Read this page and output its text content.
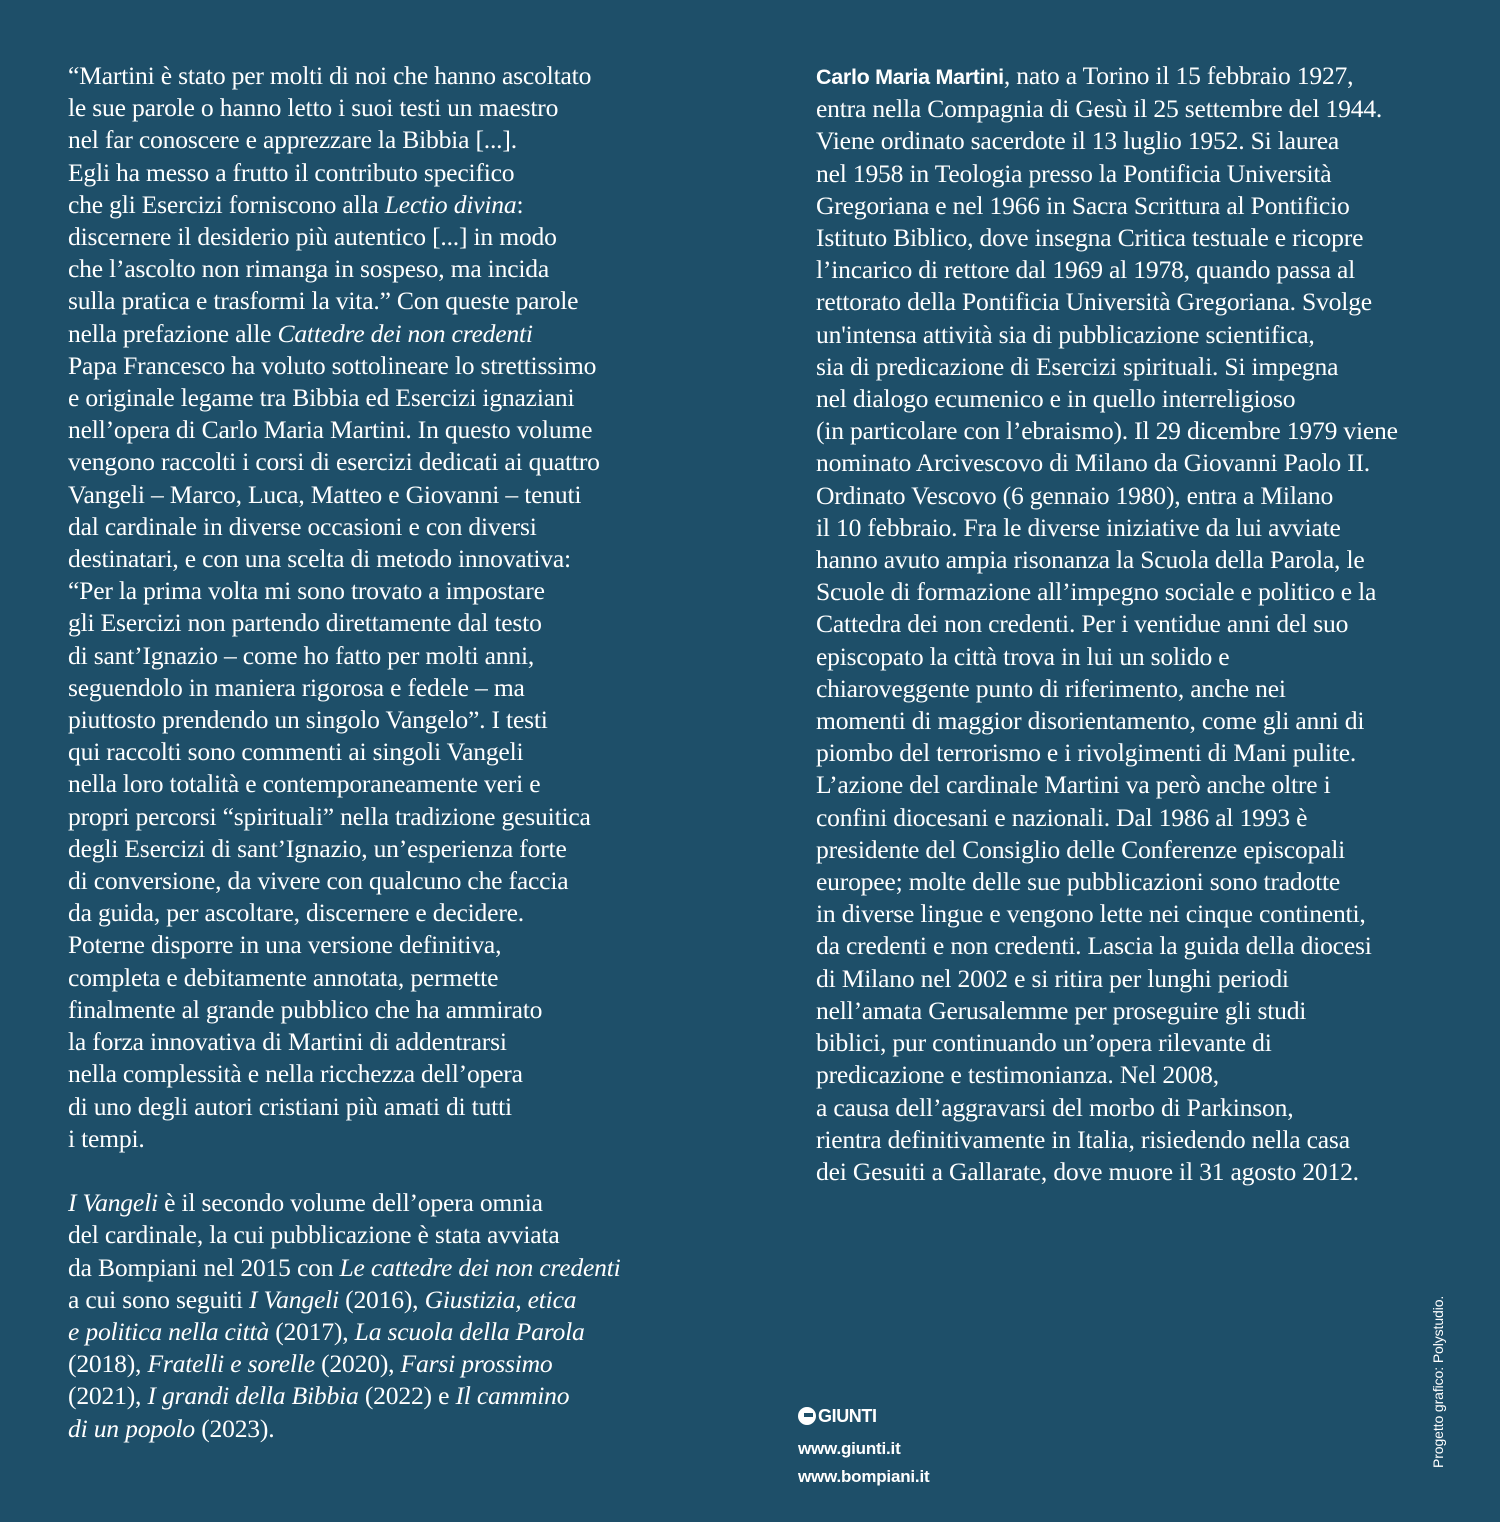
“Martini è stato per molti di noi che hanno ascoltato
le sue parole o hanno letto i suoi testi un maestro
nel far conoscere e apprezzare la Bibbia [...].
Egli ha messo a frutto il contributo specifico
che gli Esercizi forniscono alla Lectio divina:
discernere il desiderio più autentico [...] in modo
che l’ascolto non rimanga in sospeso, ma incida
sulla pratica e trasformi la vita.” Con queste parole
nella prefazione alle Cattedre dei non credenti
Papa Francesco ha voluto sottolineare lo strettissimo
e originale legame tra Bibbia ed Esercizi ignaziani
nell’opera di Carlo Maria Martini. In questo volume
vengono raccolti i corsi di esercizi dedicati ai quattro
Vangeli – Marco, Luca, Matteo e Giovanni – tenuti
dal cardinale in diverse occasioni e con diversi
destinatari, e con una scelta di metodo innovativa:
“Per la prima volta mi sono trovato a impostare
gli Esercizi non partendo direttamente dal testo
di sant’Ignazio – come ho fatto per molti anni,
seguendolo in maniera rigorosa e fedele – ma
piuttosto prendendo un singolo Vangelo”. I testi
qui raccolti sono commenti ai singoli Vangeli
nella loro totalità e contemporaneamente veri e
propri percorsi “spirituali” nella tradizione gesuitica
degli Esercizi di sant’Ignazio, un’esperienza forte
di conversione, da vivere con qualcuno che faccia
da guida, per ascoltare, discernere e decidere.
Poterne disporre in una versione definitiva,
completa e debitamente annotata, permette
finalmente al grande pubblico che ha ammirato
la forza innovativa di Martini di addentrarsi
nella complessità e nella ricchezza dell’opera
di uno degli autori cristiani più amati di tutti
i tempi.

I Vangeli è il secondo volume dell’opera omnia
del cardinale, la cui pubblicazione è stata avviata
da Bompiani nel 2015 con Le cattedre dei non credenti
a cui sono seguiti I Vangeli (2016), Giustizia, etica
e politica nella città (2017), La scuola della Parola
(2018), Fratelli e sorelle (2020), Farsi prossimo
(2021), I grandi della Bibbia (2022) e Il cammino
di un popolo (2023).

Carlo Maria Martini, nato a Torino il 15 febbraio 1927,
entra nella Compagnia di Gesù il 25 settembre del 1944.
Viene ordinato sacerdote il 13 luglio 1952. Si laurea
nel 1958 in Teologia presso la Pontificia Università
Gregoriana e nel 1966 in Sacra Scrittura al Pontificio
Istituto Biblico, dove insegna Critica testuale e ricopre
l’incarico di rettore dal 1969 al 1978, quando passa al
rettorato della Pontificia Università Gregoriana. Svolge
un'intensa attività sia di pubblicazione scientifica,
sia di predicazione di Esercizi spirituali. Si impegna
nel dialogo ecumenico e in quello interreligioso
(in particolare con l’ebraismo). Il 29 dicembre 1979 viene
nominato Arcivescovo di Milano da Giovanni Paolo II.
Ordinato Vescovo (6 gennaio 1980), entra a Milano
il 10 febbraio. Fra le diverse iniziative da lui avviate
hanno avuto ampia risonanza la Scuola della Parola, le
Scuole di formazione all’impegno sociale e politico e la
Cattedra dei non credenti. Per i ventidue anni del suo
episcopato la città trova in lui un solido e
chiaroveggente punto di riferimento, anche nei
momenti di maggior disorientamento, come gli anni di
piombo del terrorismo e i rivolgimenti di Mani pulite.
L’azione del cardinale Martini va però anche oltre i
confini diocesani e nazionali. Dal 1986 al 1993 è
presidente del Consiglio delle Conferenze episcopali
europee; molte delle sue pubblicazioni sono tradotte
in diverse lingue e vengono lette nei cinque continenti,
da credenti e non credenti. Lascia la guida della diocesi
di Milano nel 2002 e si ritira per lunghi periodi
nell’amata Gerusalemme per proseguire gli studi
biblici, pur continuando un’opera rilevante di
predicazione e testimonianza. Nel 2008,
a causa dell’aggravarsi del morbo di Parkinson,
rientra definitivamente in Italia, risiedendo nella casa
dei Gesuiti a Gallarate, dove muore il 31 agosto 2012.

GIUNTI
www.giunti.it
www.bompiani.it
Progetto grafico: Polystudio.
